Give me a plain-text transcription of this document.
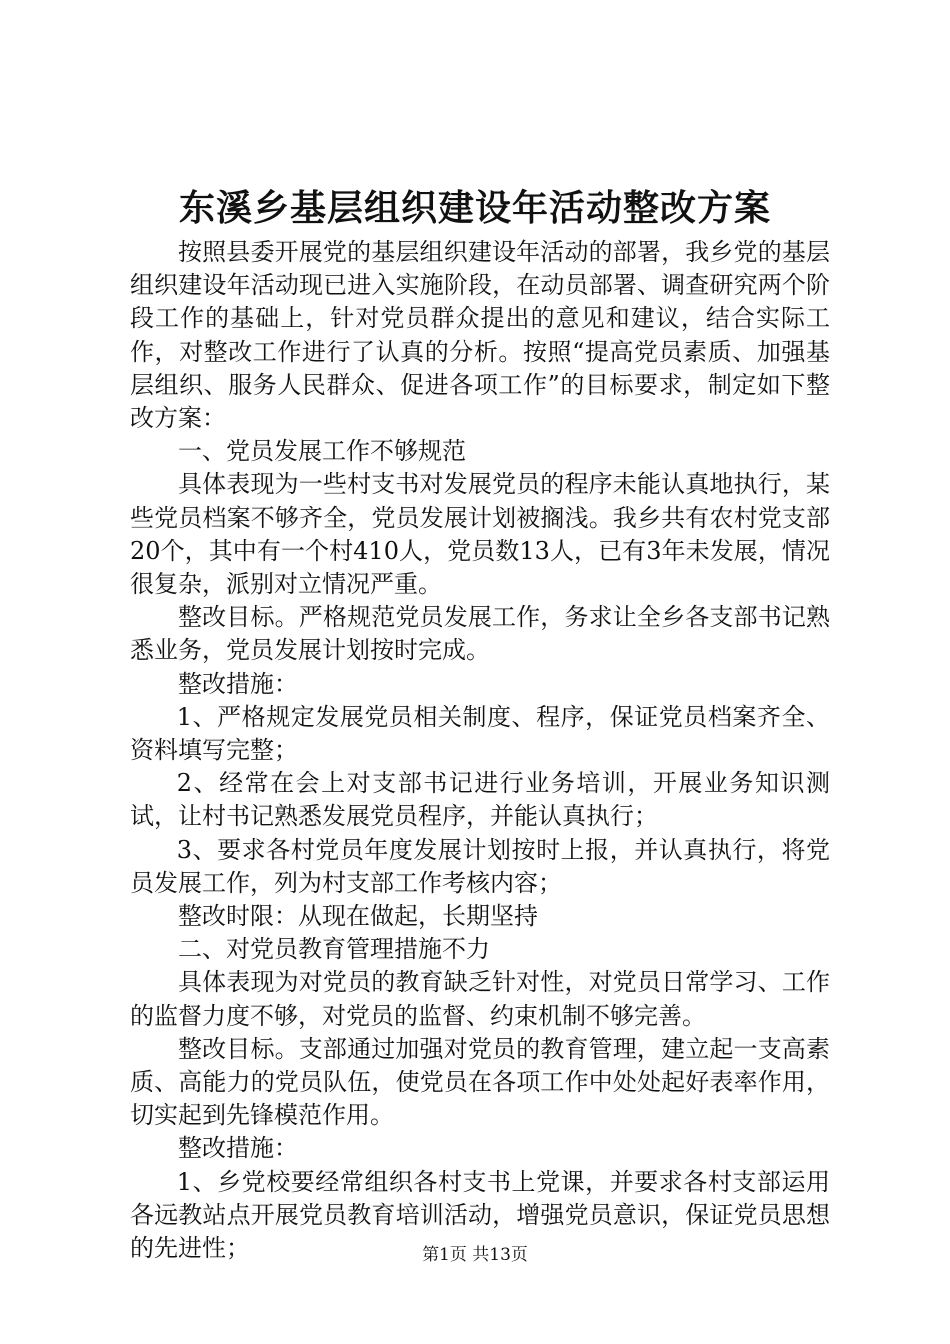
东溪乡基层组织建设年活动整改方案

按照县委开展党的基层组织建设年活动的部署，我乡党的基层组织建设年活动现已进入实施阶段，在动员部署、调查研究两个阶段工作的基础上，针对党员群众提出的意见和建议，结合实际工作，对整改工作进行了认真的分析。按照“提高党员素质、加强基层组织、服务人民群众、促进各项工作”的目标要求，制定如下整改方案：

一、党员发展工作不够规范

具体表现为一些村支书对发展党员的程序未能认真地执行，某些党员档案不够齐全，党员发展计划被搁浅。我乡共有农村党支部20个，其中有一个村410人，党员数13人，已有3年未发展，情况很复杂，派别对立情况严重。

整改目标。严格规范党员发展工作，务求让全乡各支部书记熟悉业务，党员发展计划按时完成。

整改措施：

1、严格规定发展党员相关制度、程序，保证党员档案齐全、资料填写完整；

2、经常在会上对支部书记进行业务培训，开展业务知识测试，让村书记熟悉发展党员程序，并能认真执行；

3、要求各村党员年度发展计划按时上报，并认真执行，将党员发展工作，列为村支部工作考核内容；

整改时限：从现在做起，长期坚持

二、对党员教育管理措施不力

具体表现为对党员的教育缺乏针对性，对党员日常学习、工作的监督力度不够，对党员的监督、约束机制不够完善。

整改目标。支部通过加强对党员的教育管理，建立起一支高素质、高能力的党员队伍，使党员在各项工作中处处起好表率作用，切实起到先锋模范作用。

整改措施：

1、乡党校要经常组织各村支书上党课，并要求各村支部运用各远教站点开展党员教育培训活动，增强党员意识，保证党员思想的先进性；	第1页 共13页
